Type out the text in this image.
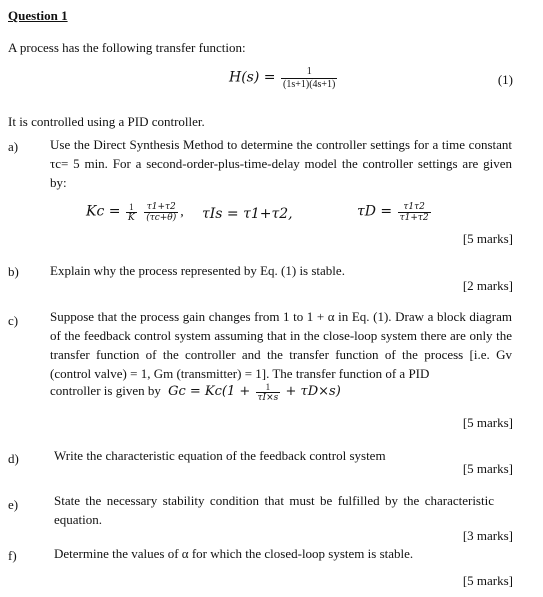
Question 1
A process has the following transfer function:
$H(s) = \frac{1}{(1s+1)(4s+1)}$	(1)
It is controlled using a PID controller.
a)	Use the Direct Synthesis Method to determine the controller settings for a time constant τc= 5 min. For a second-order-plus-time-delay model the controller settings are given by:
$Kc = \frac{1}{K}$
$\frac{\tau 1+\tau 2}{(\tau c+\theta)}$ , τIs = τ1+τ2,	$\tau D = \frac{\tau 1\tau 2}{\tau 1+\tau 2}$
[5 marks]
b)	Explain why the process represented by Eq. (1) is stable.
[2 marks]
c)	Suppose that the process gain changes from 1 to 1 + α in Eq. (1). Draw a block diagram of the feedback control system assuming that in the close-loop system there are only the transfer function of the controller and the transfer function of the process [i.e. Gv (control valve) = 1, Gm (transmitter) = 1]. The transfer function of a PID
controller is given by $Gc = Kc(1 + \frac{1}{\tau I\times s} + \tau D\times s)$
[5 marks]
d)	Write the characteristic equation of the feedback control system
[5 marks]
e)	State the necessary stability condition that must be fulfilled by the characteristic equation.
[3 marks]
f)	Determine the values of α for which the closed-loop system is stable.
[5 marks]
